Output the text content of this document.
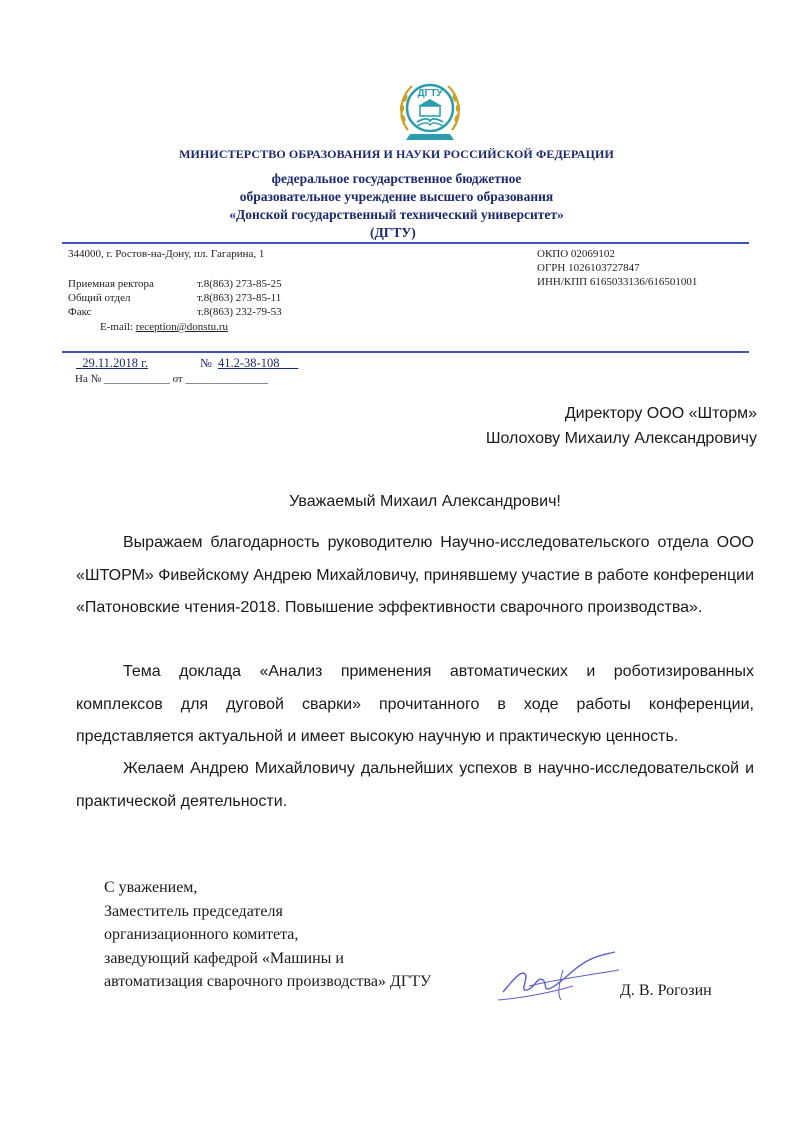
ДГТУ
МИНИСТЕРСТВО ОБРАЗОВАНИЯ И НАУКИ РОССИЙСКОЙ ФЕДЕРАЦИИ
федеральное государственное бюджетное
образовательное учреждение высшего образования
«Донской государственный технический университет»
(ДГТУ)
344000, г. Ростов-на-Дону, пл. Гагарина, 1
Приемная ректора	т.8(863) 273-85-25
Общий отдел	т.8(863) 273-85-11
Факс	т.8(863) 232-79-53
E-mail: reception@donstu.ru
ОКПО 02069102
ОГРН 1026103727847
ИНН/КПП 6165033136/616501001
_29.11.2018 г.	№ 41.2-38-108___
На № ____________ от _______________
Директору ООО «Шторм»
Шолохову Михаилу Александровичу
Уважаемый Михаил Александрович!
Выражаем благодарность руководителю Научно-исследовательского отдела ООО «ШТОРМ» Фивейскому Андрею Михайловичу, принявшему участие в работе конференции «Патоновские чтения-2018. Повышение эффективности сварочного производства».
Тема доклада «Анализ применения автоматических и роботизированных комплексов для дуговой сварки» прочитанного в ходе работы конференции, представляется актуальной и имеет высокую научную и практическую ценность.
Желаем Андрею Михайловичу дальнейших успехов в научно-исследовательской и практической деятельности.
С уважением,
Заместитель председателя
организационного комитета,
заведующий кафедрой «Машины и
автоматизация сварочного производства» ДГТУ
Д. В. Рогозин
